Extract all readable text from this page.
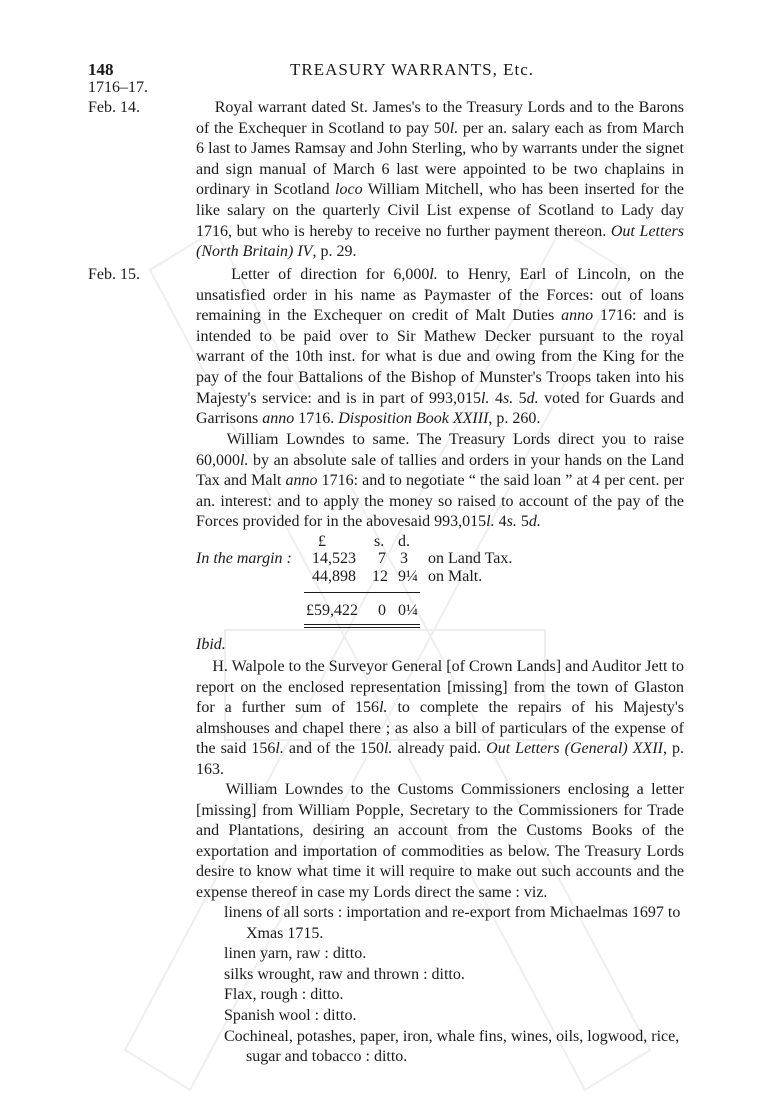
148	TREASURY WARRANTS, Etc.
1716–17.
Feb. 14.	Royal warrant dated St. James's to the Treasury Lords and to the Barons of the Exchequer in Scotland to pay 50l. per an. salary each as from March 6 last to James Ramsay and John Sterling, who by warrants under the signet and sign manual of March 6 last were appointed to be two chaplains in ordinary in Scotland loco William Mitchell, who has been inserted for the like salary on the quarterly Civil List expense of Scotland to Lady day 1716, but who is hereby to receive no further payment thereon. Out Letters (North Britain) IV, p. 29.

Feb. 15.	Letter of direction for 6,000l. to Henry, Earl of Lincoln, on the unsatisfied order in his name as Paymaster of the Forces: out of loans remaining in the Exchequer on credit of Malt Duties anno 1716: and is intended to be paid over to Sir Mathew Decker pursuant to the royal warrant of the 10th inst. for what is due and owing from the King for the pay of the four Battalions of the Bishop of Munster's Troops taken into his Majesty's service: and is in part of 993,015l. 4s. 5d. voted for Guards and Garrisons anno 1716. Disposition Book XXIII, p. 260.

William Lowndes to same. The Treasury Lords direct you to raise 60,000l. by an absolute sale of tallies and orders in your hands on the Land Tax and Malt anno 1716: and to negotiate “ the said loan ” at 4 per cent. per an. interest: and to apply the money so raised to account of the pay of the Forces provided for in the abovesaid 993,015l. 4s. 5d.

£	s. d.
In the margin : 14,523 7 3 on Land Tax.
44,898 12 9¼ on Malt.
£59,422 0 0¼
Ibid.

H. Walpole to the Surveyor General [of Crown Lands] and Auditor Jett to report on the enclosed representation [missing] from the town of Glaston for a further sum of 156l. to complete the repairs of his Majesty's almshouses and chapel there ; as also a bill of particulars of the expense of the said 156l. and of the 150l. already paid. Out Letters (General) XXII, p. 163.

William Lowndes to the Customs Commissioners enclosing a letter [missing] from William Popple, Secretary to the Commissioners for Trade and Plantations, desiring an account from the Customs Books of the exportation and importation of commodities as below. The Treasury Lords desire to know what time it will require to make out such accounts and the expense thereof in case my Lords direct the same : viz.

linens of all sorts : importation and re-export from Michaelmas 1697 to Xmas 1715.
linen yarn, raw : ditto.
silks wrought, raw and thrown : ditto.
Flax, rough : ditto.
Spanish wool : ditto.
Cochineal, potashes, paper, iron, whale fins, wines, oils, logwood, rice, sugar and tobacco : ditto.
